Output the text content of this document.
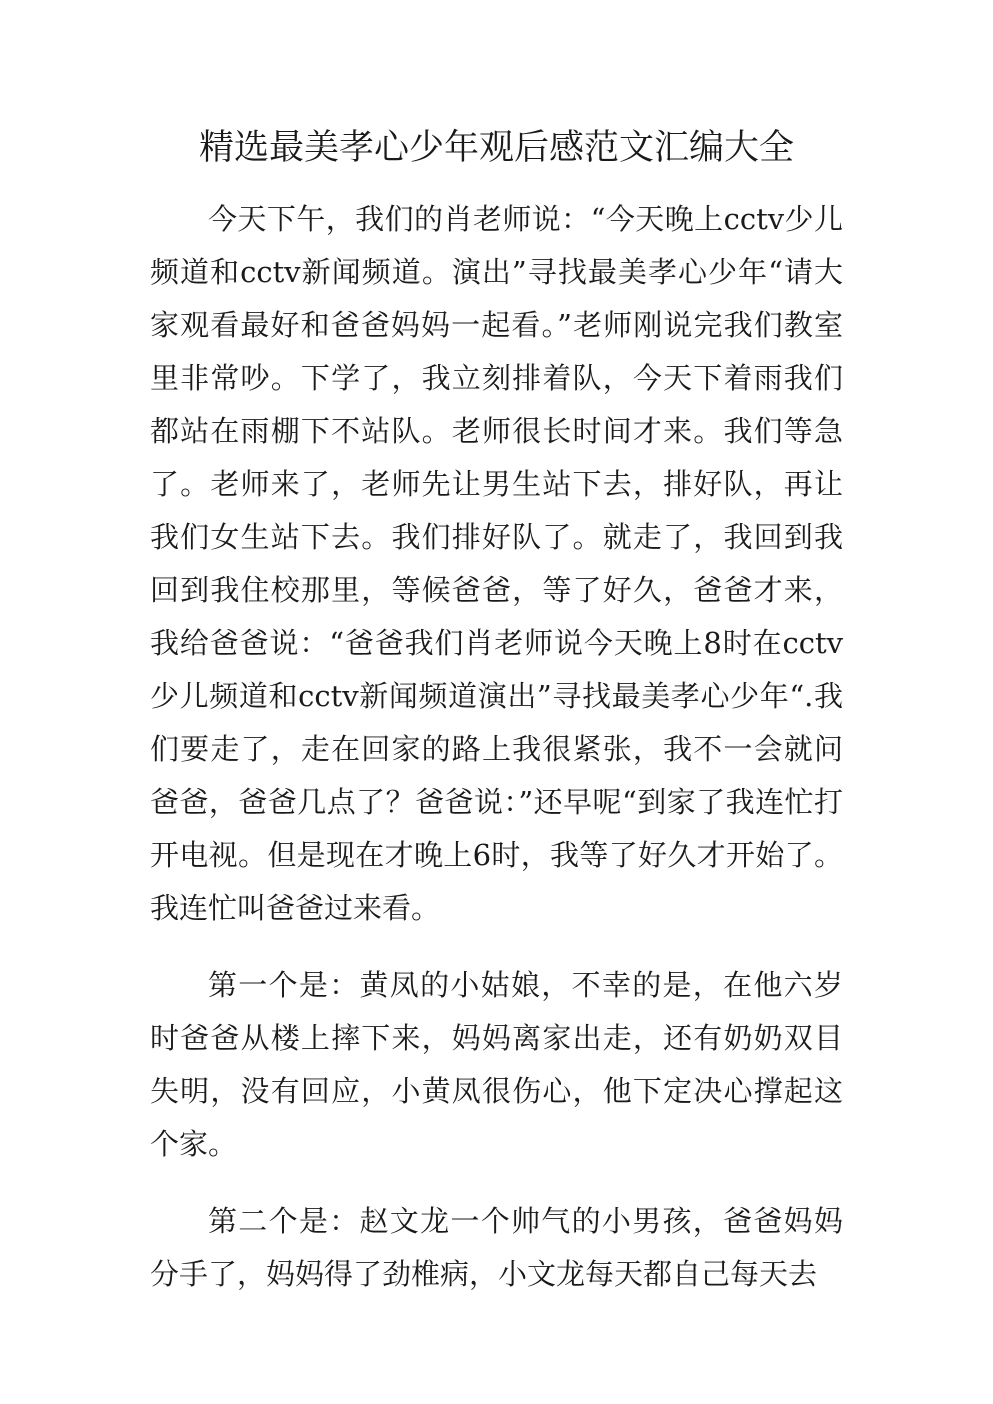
精选最美孝心少年观后感范文汇编大全

今天下午，我们的肖老师说：“今天晚上cctv少儿频道和cctv新闻频道。演出”寻找最美孝心少年“请大家观看最好和爸爸妈妈一起看。”老师刚说完我们教室里非常吵。下学了，我立刻排着队，今天下着雨我们都站在雨棚下不站队。老师很长时间才来。我们等急了。老师来了，老师先让男生站下去，排好队，再让我们女生站下去。我们排好队了。就走了，我回到我回到我住校那里，等候爸爸，等了好久，爸爸才来，我给爸爸说：“爸爸我们肖老师说今天晚上8时在cctv少儿频道和cctv新闻频道演出”寻找最美孝心少年“.我们要走了，走在回家的路上我很紧张，我不一会就问爸爸，爸爸几点了？爸爸说：”还早呢“到家了我连忙打开电视。但是现在才晚上6时，我等了好久才开始了。我连忙叫爸爸过来看。

第一个是：黄凤的小姑娘，不幸的是，在他六岁时爸爸从楼上摔下来，妈妈离家出走，还有奶奶双目失明，没有回应，小黄凤很伤心，他下定决心撑起这个家。

第二个是：赵文龙一个帅气的小男孩，爸爸妈妈分手了，妈妈得了劲椎病，小文龙每天都自己每天去
